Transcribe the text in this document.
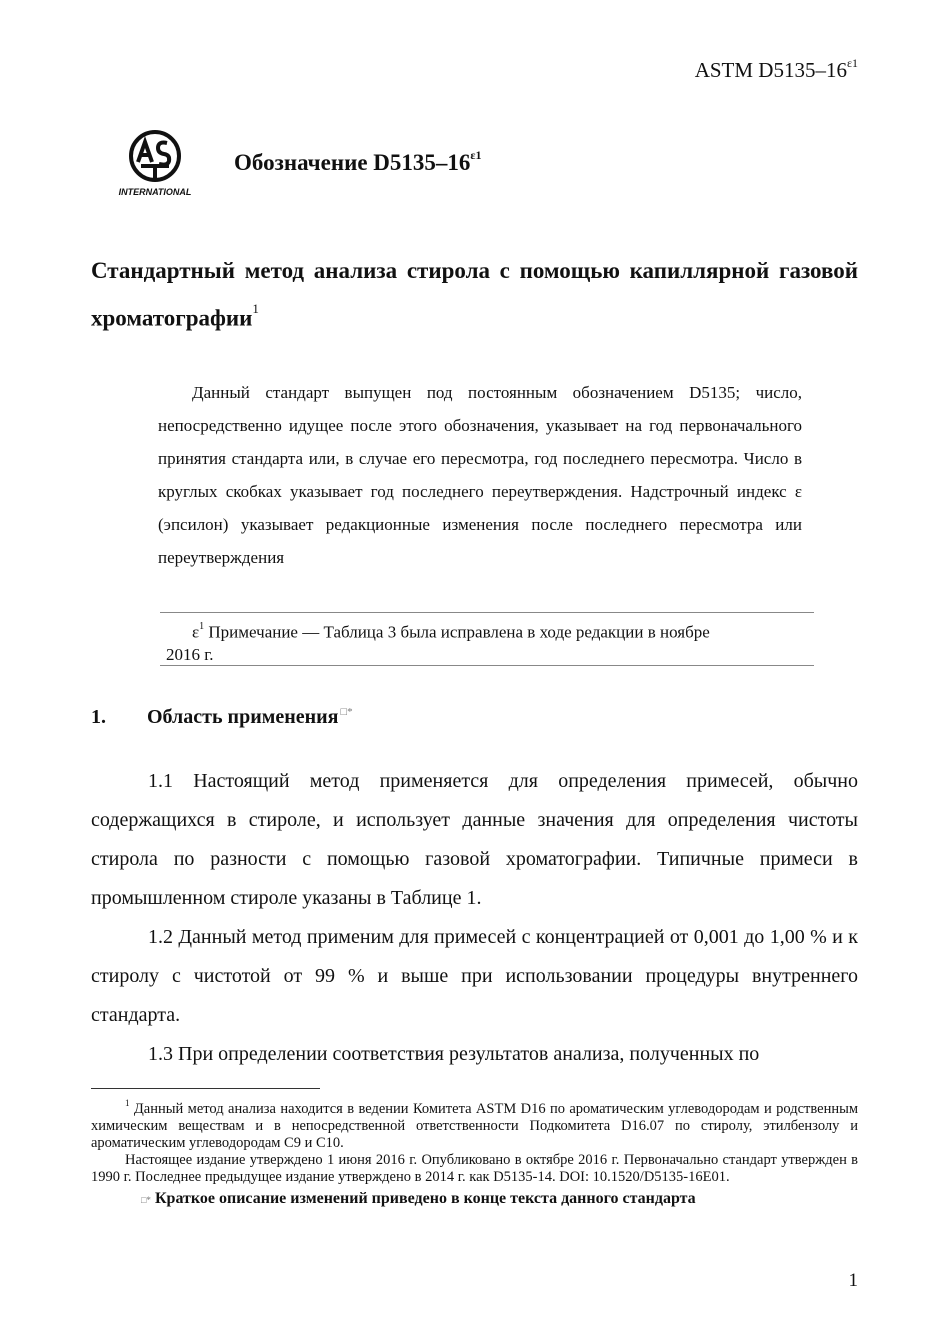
ASTM $D5135-16^{\varepsilon 1}$
INTERNATIONAL
Обозначение $D5135-16^{\varepsilon 1}$
Стандартный метод анализа стирола с помощью капиллярной газовой хроматографии$^1$
Данный стандарт выпущен под постоянным обозначением D5135; число, непосредственно идущее после этого обозначения, указывает на год первоначального принятия стандарта или, в случае его пересмотра, год последнего пересмотра. Число в круглых скобках указывает год последнего переутверждения. Надстрочный индекс ε (эпсилон) указывает редакционные изменения после последнего пересмотра или переутверждения
$\varepsilon^1$ Примечание — Таблица 3 была исправлена в ходе редакции в ноябре 2016 г.
1. Область применения □*

1.1 Настоящий метод применяется для определения примесей, обычно содержащихся в стироле, и использует данные значения для определения чистоты стирола по разности с помощью газовой хроматографии. Типичные примеси в промышленном стироле указаны в Таблице 1.

1.2 Данный метод применим для примесей с концентрацией от 0,001 до 1,00 % и к стиролу с чистотой от 99 % и выше при использовании процедуры внутреннего стандарта.

1.3 При определении соответствия результатов анализа, полученных по

$^1$ Данный метод анализа находится в ведении Комитета ASTM D16 по ароматическим углеводородам и родственным химическим веществам и в непосредственной ответственности Подкомитета D16.07 по стиролу, этилбензолу и ароматическим углеводородам C9 и C10.

Настоящее издание утверждено 1 июня 2016 г. Опубликовано в октябре 2016 г. Первоначально стандарт утвержден в 1990 г. Последнее предыдущее издание утверждено в 2014 г. как D5135-14. DOI: 10.1520/D5135-16E01.

□* Краткое описание изменений приведено в конце текста данного стандарта

1
